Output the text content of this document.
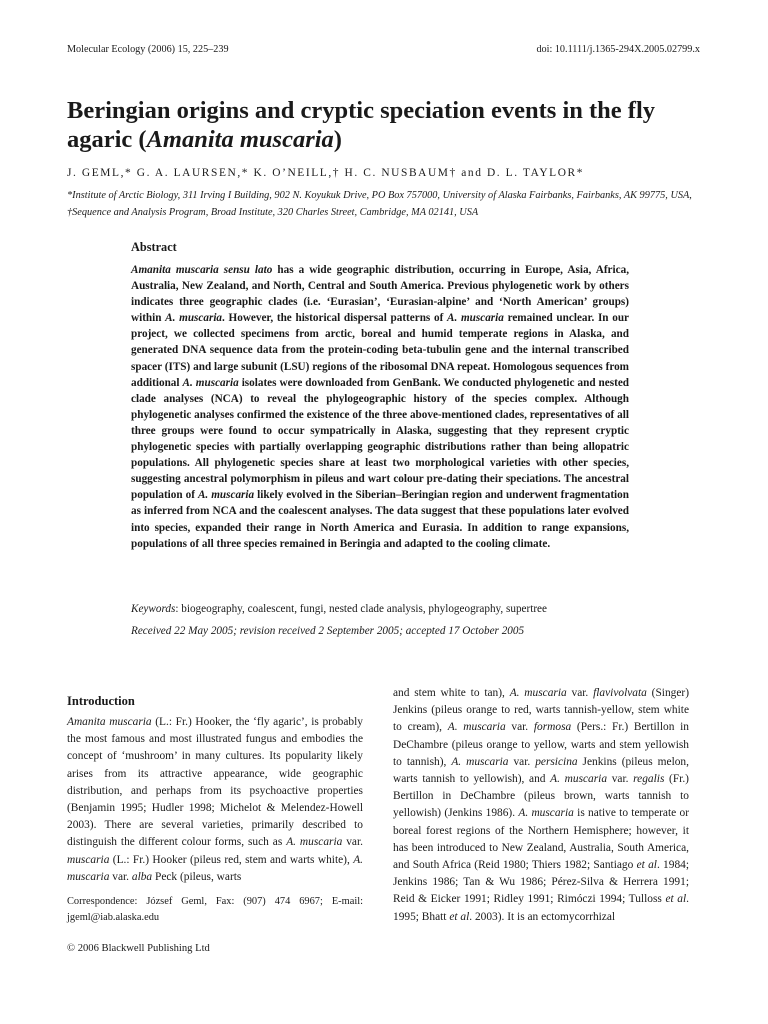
Molecular Ecology (2006) 15, 225–239	doi: 10.1111/j.1365-294X.2005.02799.x
Beringian origins and cryptic speciation events in the fly agaric (Amanita muscaria)
J. GEML,* G. A. LAURSEN,* K. O’NEILL,† H. C. NUSBAUM† and D. L. TAYLOR*
*Institute of Arctic Biology, 311 Irving I Building, 902 N. Koyukuk Drive, PO Box 757000, University of Alaska Fairbanks, Fairbanks, AK 99775, USA, †Sequence and Analysis Program, Broad Institute, 320 Charles Street, Cambridge, MA 02141, USA
Abstract

Amanita muscaria sensu lato has a wide geographic distribution, occurring in Europe, Asia, Africa, Australia, New Zealand, and North, Central and South America. Previous phylogenetic work by others indicates three geographic clades (i.e. ‘Eurasian’, ‘Eurasian-alpine’ and ‘North American’ groups) within A. muscaria. However, the historical dispersal patterns of A. muscaria remained unclear. In our project, we collected specimens from arctic, boreal and humid temperate regions in Alaska, and generated DNA sequence data from the protein-coding beta-tubulin gene and the internal transcribed spacer (ITS) and large subunit (LSU) regions of the ribosomal DNA repeat. Homologous sequences from additional A. muscaria isolates were downloaded from GenBank. We conducted phylogenetic and nested clade analyses (NCA) to reveal the phylogeographic history of the species complex. Although phylogenetic analyses confirmed the existence of the three above-mentioned clades, representatives of all three groups were found to occur sympatrically in Alaska, suggesting that they represent cryptic phylogenetic species with partially overlapping geographic distributions rather than being allopatric populations. All phylogenetic species share at least two morphological varieties with other species, suggesting ancestral polymorphism in pileus and wart colour pre-dating their speciations. The ancestral population of A. muscaria likely evolved in the Siberian–Beringian region and underwent fragmentation as inferred from NCA and the coalescent analyses. The data suggest that these populations later evolved into species, expanded their range in North America and Eurasia. In addition to range expansions, populations of all three species remained in Beringia and adapted to the cooling climate.

Keywords: biogeography, coalescent, fungi, nested clade analysis, phylogeography, supertree
Received 22 May 2005; revision received 2 September 2005; accepted 17 October 2005
Introduction

Amanita muscaria (L.: Fr.) Hooker, the ‘fly agaric’, is probably the most famous and most illustrated fungus and embodies the concept of ‘mushroom’ in many cultures. Its popularity likely arises from its attractive appearance, wide geographic distribution, and perhaps from its psychoactive properties (Benjamin 1995; Hudler 1998; Michelot & Melendez-Howell 2003). There are several varieties, primarily described to distinguish the different colour forms, such as A. muscaria var. muscaria (L.: Fr.) Hooker (pileus red, stem and warts white), A. muscaria var. alba Peck (pileus, warts

Correspondence: József Geml, Fax: (907) 474 6967; E-mail: jgeml@iab.alaska.edu
© 2006 Blackwell Publishing Ltd

and stem white to tan), A. muscaria var. flavivolvata (Singer) Jenkins (pileus orange to red, warts tannish-yellow, stem white to cream), A. muscaria var. formosa (Pers.: Fr.) Bertillon in DeChambre (pileus orange to yellow, warts and stem yellowish to tannish), A. muscaria var. persicina Jenkins (pileus melon, warts tannish to yellowish), and A. muscaria var. regalis (Fr.) Bertillon in DeChambre (pileus brown, warts tannish to yellowish) (Jenkins 1986). A. muscaria is native to temperate or boreal forest regions of the Northern Hemisphere; however, it has been introduced to New Zealand, Australia, South America, and South Africa (Reid 1980; Thiers 1982; Santiago et al. 1984; Jenkins 1986; Tan & Wu 1986; Pérez-Silva & Herrera 1991; Reid & Eicker 1991; Ridley 1991; Rimóczi 1994; Tulloss et al. 1995; Bhatt et al. 2003). It is an ectomycorrhizal
